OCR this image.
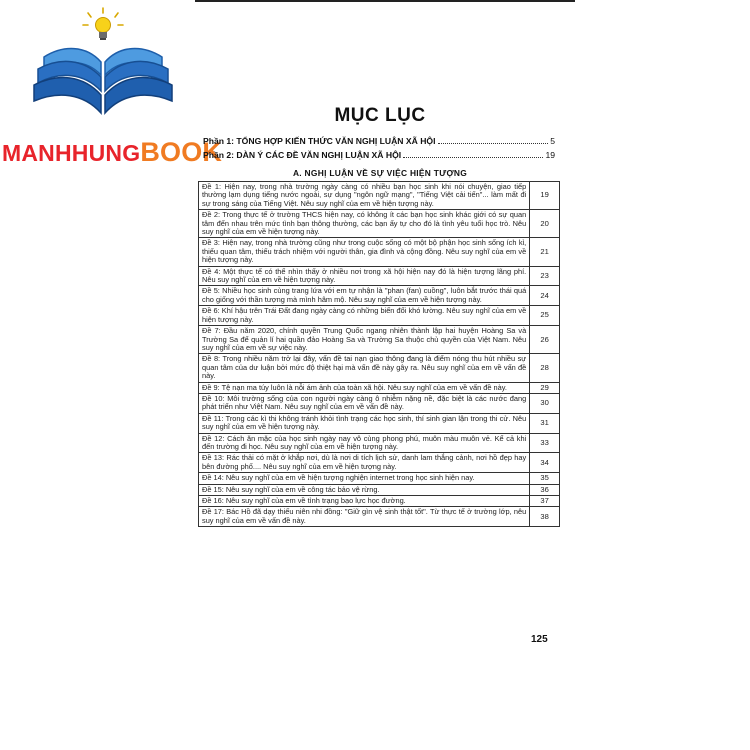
MANHHUNGBOOK
MỤC LỤC
Phần 1: TỔNG HỢP KIẾN THỨC VĂN NGHỊ LUẬN XÃ HỘI	5
Phần 2: DÀN Ý CÁC ĐỀ VĂN NGHỊ LUẬN XÃ HỘI	19
A. NGHỊ LUẬN VỀ SỰ VIỆC HIỆN TƯỢNG
Đề 1: Hiện nay, trong nhà trường ngày càng có nhiều bạn học sinh khi nói chuyện, giao tiếp thường lạm dụng tiếng nước ngoài, sự dụng "ngôn ngữ mạng", "Tiếng Việt cải tiến"... làm mất đi sự trong sáng của Tiếng Việt. Nêu suy nghĩ của em về hiện tượng này.	19
Đề 2: Trong thực tế ở trường THCS hiện nay, có không ít các bạn học sinh khác giới có sự quan tâm đến nhau trên mức tình bạn thông thường, các bạn ấy tự cho đó là tình yêu tuổi học trò. Nêu suy nghĩ của em về hiện tượng này.	20
Đề 3: Hiện nay, trong nhà trường cũng như trong cuộc sống có một bộ phận học sinh sống ích kỉ, thiếu quan tâm, thiếu trách nhiệm với người thân, gia đình và cộng đồng. Nêu suy nghĩ của em về hiện tượng này.	21
Đề 4: Một thực tế có thể nhìn thấy ở nhiều nơi trong xã hội hiện nay đó là hiện tượng lãng phí. Nêu suy nghĩ của em về hiện tượng này.	23
Đề 5: Nhiều học sinh cùng trang lứa với em tự nhận là "phan (fan) cuồng", luôn bắt trước thái quá cho giống với thần tượng mà mình hâm mộ. Nêu suy nghĩ của em về hiện tượng này.	24
Đề 6: Khí hậu trên Trái Đất đang ngày càng có những biến đổi khó lường. Nêu suy nghĩ của em về hiện tượng này.	25
Đề 7: Đầu năm 2020, chính quyền Trung Quốc ngang nhiên thành lập hai huyện Hoàng Sa và Trường Sa để quản lí hai quần đảo Hoàng Sa và Trường Sa thuộc chủ quyền của Việt Nam. Nêu suy nghĩ của em về sự việc này.	26
Đề 8: Trong nhiều năm trở lại đây, vấn đề tai nạn giao thông đang là điểm nóng thu hút nhiều sự quan tâm của dư luận bởi mức độ thiệt hại mà vấn đề này gây ra. Nêu suy nghĩ của em về vấn đề này.	28
Đề 9: Tệ nạn ma túy luôn là nỗi ám ảnh của toàn xã hội. Nêu suy nghĩ của em về vấn đề này.	29
Đề 10: Môi trường sống của con người ngày càng ô nhiễm nặng nề, đặc biệt là các nước đang phát triển như Việt Nam. Nêu suy nghĩ của em về vấn đề này.	30
Đề 11: Trong các kì thi không tránh khỏi tình trạng các học sinh, thí sinh gian lận trong thi cử. Nêu suy nghĩ của em về hiện tượng này.	31
Đề 12: Cách ăn mặc của học sinh ngày nay vô cùng phong phú, muôn màu muôn vẻ. Kể cả khi đến trường đi học. Nêu suy nghĩ của em về hiện tượng này.	33
Đề 13: Rác thải có mặt ở khắp nơi, dù là nơi di tích lịch sử, danh lam thắng cảnh, nơi hồ đẹp hay bên đường phố.... Nêu suy nghĩ của em về hiện tượng này.	34
Đề 14: Nêu suy nghĩ của em về hiện tượng nghiện internet trong học sinh hiện nay.	35
Đề 15: Nêu suy nghĩ của em về công tác bảo vệ rừng.	36
Đề 16: Nêu suy nghĩ của em về tình trạng bạo lực học đường.	37
Đề 17: Bác Hồ đã dạy thiếu niên nhi đồng: "Giữ gìn vệ sinh thật tốt". Từ thực tế ở trường lớp, nêu suy nghĩ của em về vấn đề này.	38
125
